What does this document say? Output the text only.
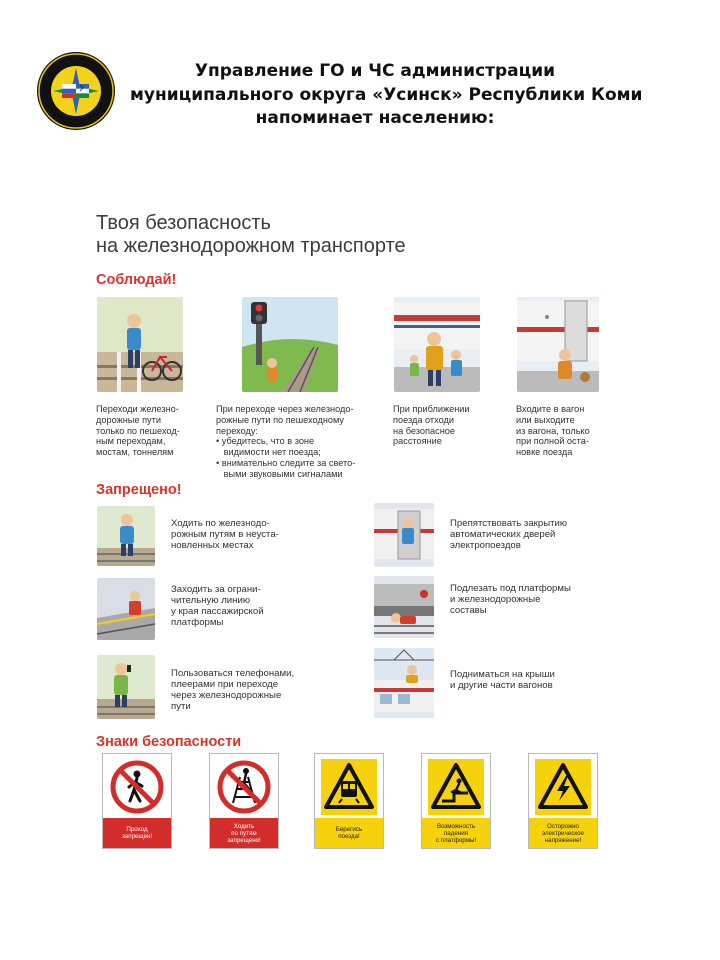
Управление ГО и ЧС администрации
муниципального округа «Усинск» Республики Коми
напоминает населению:
Твоя безопасность
на железнодорожном транспорте
Соблюдай!
Переходи железно-
дорожные пути
только по пешеход-
ным переходам,
мостам, тоннелям
При переходе через железнодо-
рожные пути по пешеходному
переходу:
• убедитесь, что в зоне
видимости нет поезда;
• внимательно следите за свето-
выми звуковыми сигналами
При приближении
поезда отходи
на безопасное
расстояние
Входите в вагон
или выходите
из вагона, только
при полной оста-
новке поезда
Запрещено!
Ходить по железнодо-
рожным путям в неуста-
новленных местах
Заходить за ограни-
чительную линию
у края пассажирской
платформы
Пользоваться телефонами,
плеерами при переходе
через железнодорожные
пути
Препятствовать закрытию
автоматических дверей
электропоездов
Подлезать под платформы
и железнодорожные
составы
Подниматься на крыши
и другие части вагонов
Знаки безопасности
Проход
запрещен!
Ходить
по путям
запрещено!
Берегись
поезда!
Возможность
падения
с платформы!
Осторожно
электрическое
напряжение!
